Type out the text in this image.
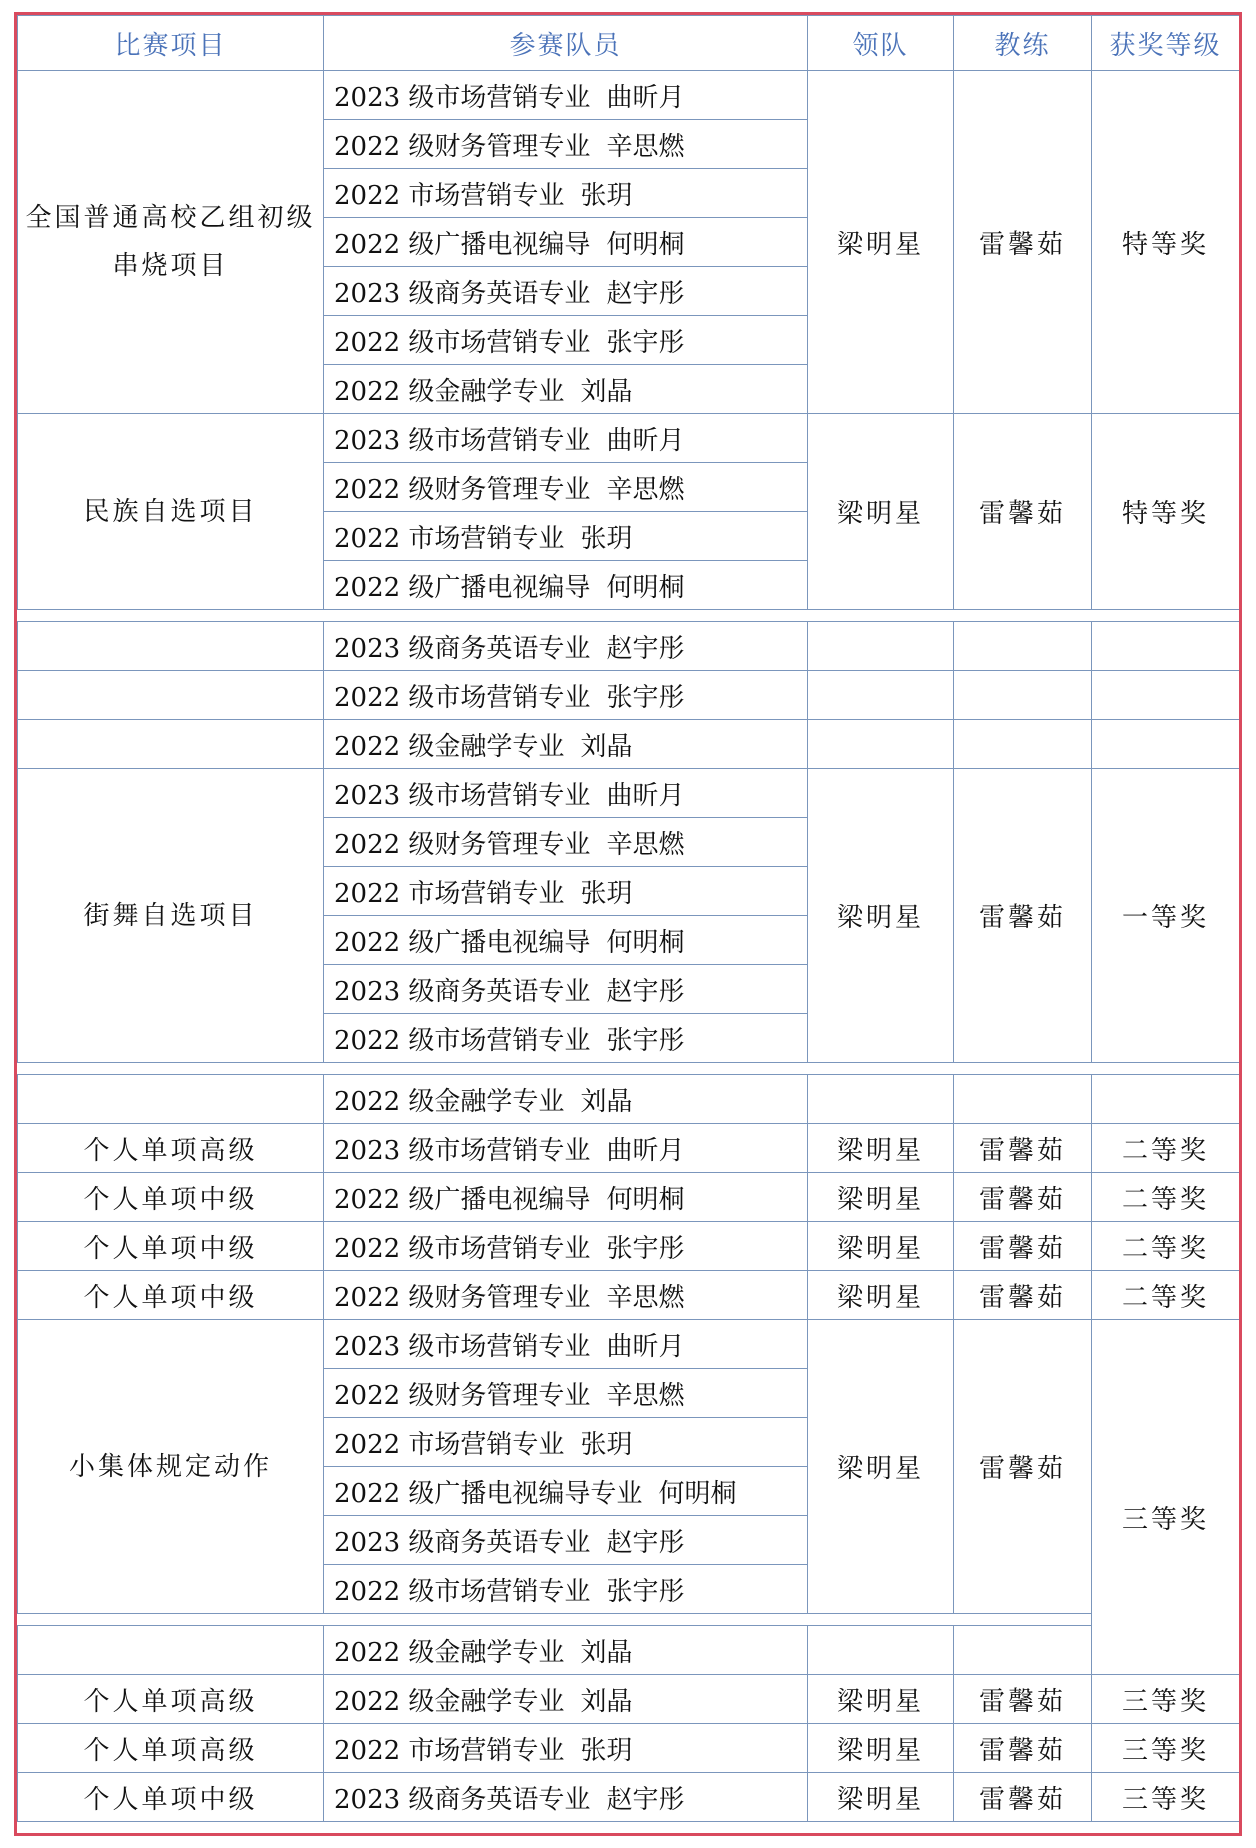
比赛项目	参赛队员	领队	教练	获奖等级	

全国普通高校乙组初级
串烧项目	2023 级市场营销专业 曲昕月	梁明星	雷馨茹	特等奖	
	2022 级财务管理专业 辛思燃				
	2022 市场营销专业 张玥				
	2022 级广播电视编导 何明桐				
	2023 级商务英语专业 赵宇彤				
	2022 级市场营销专业 张宇彤				
	2022 级金融学专业 刘晶				
民族自选项目	2023 级市场营销专业 曲昕月	梁明星	雷馨茹	特等奖	
	2022 级财务管理专业 辛思燃				
	2022 市场营销专业 张玥				
	2022 级广播电视编导 何明桐				

	2023 级商务英语专业 赵宇彤				
	2022 级市场营销专业 张宇彤				
	2022 级金融学专业 刘晶				
街舞自选项目	2023 级市场营销专业 曲昕月	梁明星	雷馨茹	一等奖	
	2022 级财务管理专业 辛思燃				
	2022 市场营销专业 张玥				
	2022 级广播电视编导 何明桐				
	2023 级商务英语专业 赵宇彤				
	2022 级市场营销专业 张宇彤				

	2022 级金融学专业 刘晶				
个人单项高级	2023 级市场营销专业 曲昕月	梁明星	雷馨茹	二等奖	
个人单项中级	2022 级广播电视编导 何明桐	梁明星	雷馨茹	二等奖	
个人单项中级	2022 级市场营销专业 张宇彤	梁明星	雷馨茹	二等奖	
个人单项中级	2022 级财务管理专业 辛思燃	梁明星	雷馨茹	二等奖	
小集体规定动作	2023 级市场营销专业 曲昕月	梁明星	雷馨茹	三等奖	
	2022 级财务管理专业 辛思燃				
	2022 市场营销专业 张玥				
	2022 级广播电视编导专业 何明桐				
	2023 级商务英语专业 赵宇彤				
	2022 级市场营销专业 张宇彤				

	2022 级金融学专业 刘晶				
个人单项高级	2022 级金融学专业 刘晶	梁明星	雷馨茹	三等奖	
个人单项高级	2022 市场营销专业 张玥	梁明星	雷馨茹	三等奖	
个人单项中级	2023 级商务英语专业 赵宇彤	梁明星	雷馨茹	三等奖	
